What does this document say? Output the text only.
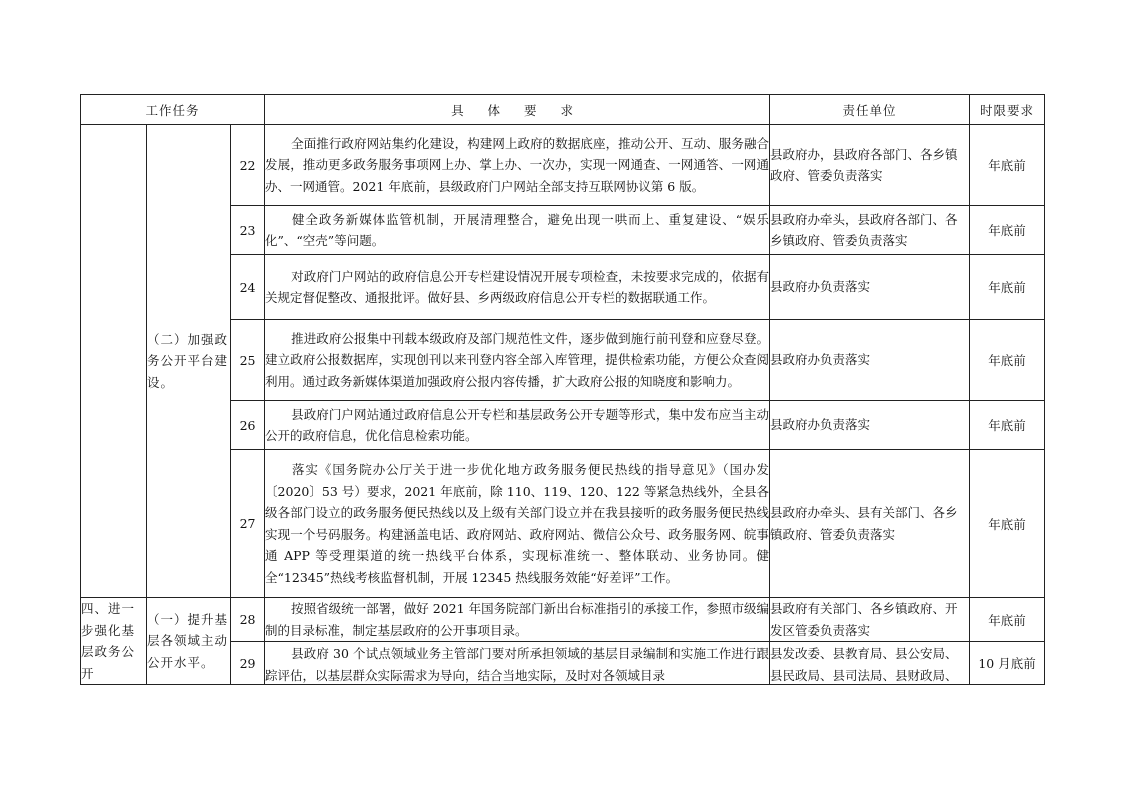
工作任务			具 体 要 求	责任单位	时限要求
	（二）加强政务公开平台建设。	22	全面推行政府网站集约化建设，构建网上政府的数据底座，推动公开、互动、服务融合发展，推动更多政务服务事项网上办、掌上办、一次办，实现一网通查、一网通答、一网通办、一网通管。2021 年底前，县级政府门户网站全部支持互联网协议第 6 版。	县政府办，县政府各部门、各乡镇政府、管委负责落实	年底前
		23	健全政务新媒体监管机制，开展清理整合，避免出现一哄而上、重复建设、“娱乐化”、“空壳”等问题。	县政府办牵头，县政府各部门、各乡镇政府、管委负责落实	年底前
		24	对政府门户网站的政府信息公开专栏建设情况开展专项检查，未按要求完成的，依据有关规定督促整改、通报批评。做好县、乡两级政府信息公开专栏的数据联通工作。	县政府办负责落实	年底前
		25	推进政府公报集中刊载本级政府及部门规范性文件，逐步做到施行前刊登和应登尽登。建立政府公报数据库，实现创刊以来刊登内容全部入库管理，提供检索功能，方便公众查阅利用。通过政务新媒体渠道加强政府公报内容传播，扩大政府公报的知晓度和影响力。	县政府办负责落实	年底前
		26	县政府门户网站通过政府信息公开专栏和基层政务公开专题等形式，集中发布应当主动公开的政府信息，优化信息检索功能。	县政府办负责落实	年底前
		27	落实《国务院办公厅关于进一步优化地方政务服务便民热线的指导意见》（国办发〔2020〕53 号）要求，2021 年底前，除 110、119、120、122 等紧急热线外，全县各级各部门设立的政务服务便民热线以及上级有关部门设立并在我县接听的政务服务便民热线实现一个号码服务。构建涵盖电话、政府网站、政府网站、微信公众号、政务服务网、皖事通 APP 等受理渠道的统一热线平台体系，实现标准统一、整体联动、业务协同。健全“12345”热线考核监督机制，开展 12345 热线服务效能“好差评”工作。	县政府办牵头、县有关部门、各乡镇政府、管委负责落实	年底前
四、进一步强化基层政务公开	（一）提升基层各领域主动公开水平。	28	按照省级统一部署，做好 2021 年国务院部门新出台标准指引的承接工作，参照市级编制的目录标准，制定基层政府的公开事项目录。	县政府有关部门、各乡镇政府、开发区管委负责落实	年底前
		29	县政府 30 个试点领域业务主管部门要对所承担领域的基层目录编制和实施工作进行跟踪评估，以基层群众实际需求为导向，结合当地实际，及时对各领域目录	县发改委、县教育局、县公安局、县民政局、县司法局、县财政局、	10 月底前
